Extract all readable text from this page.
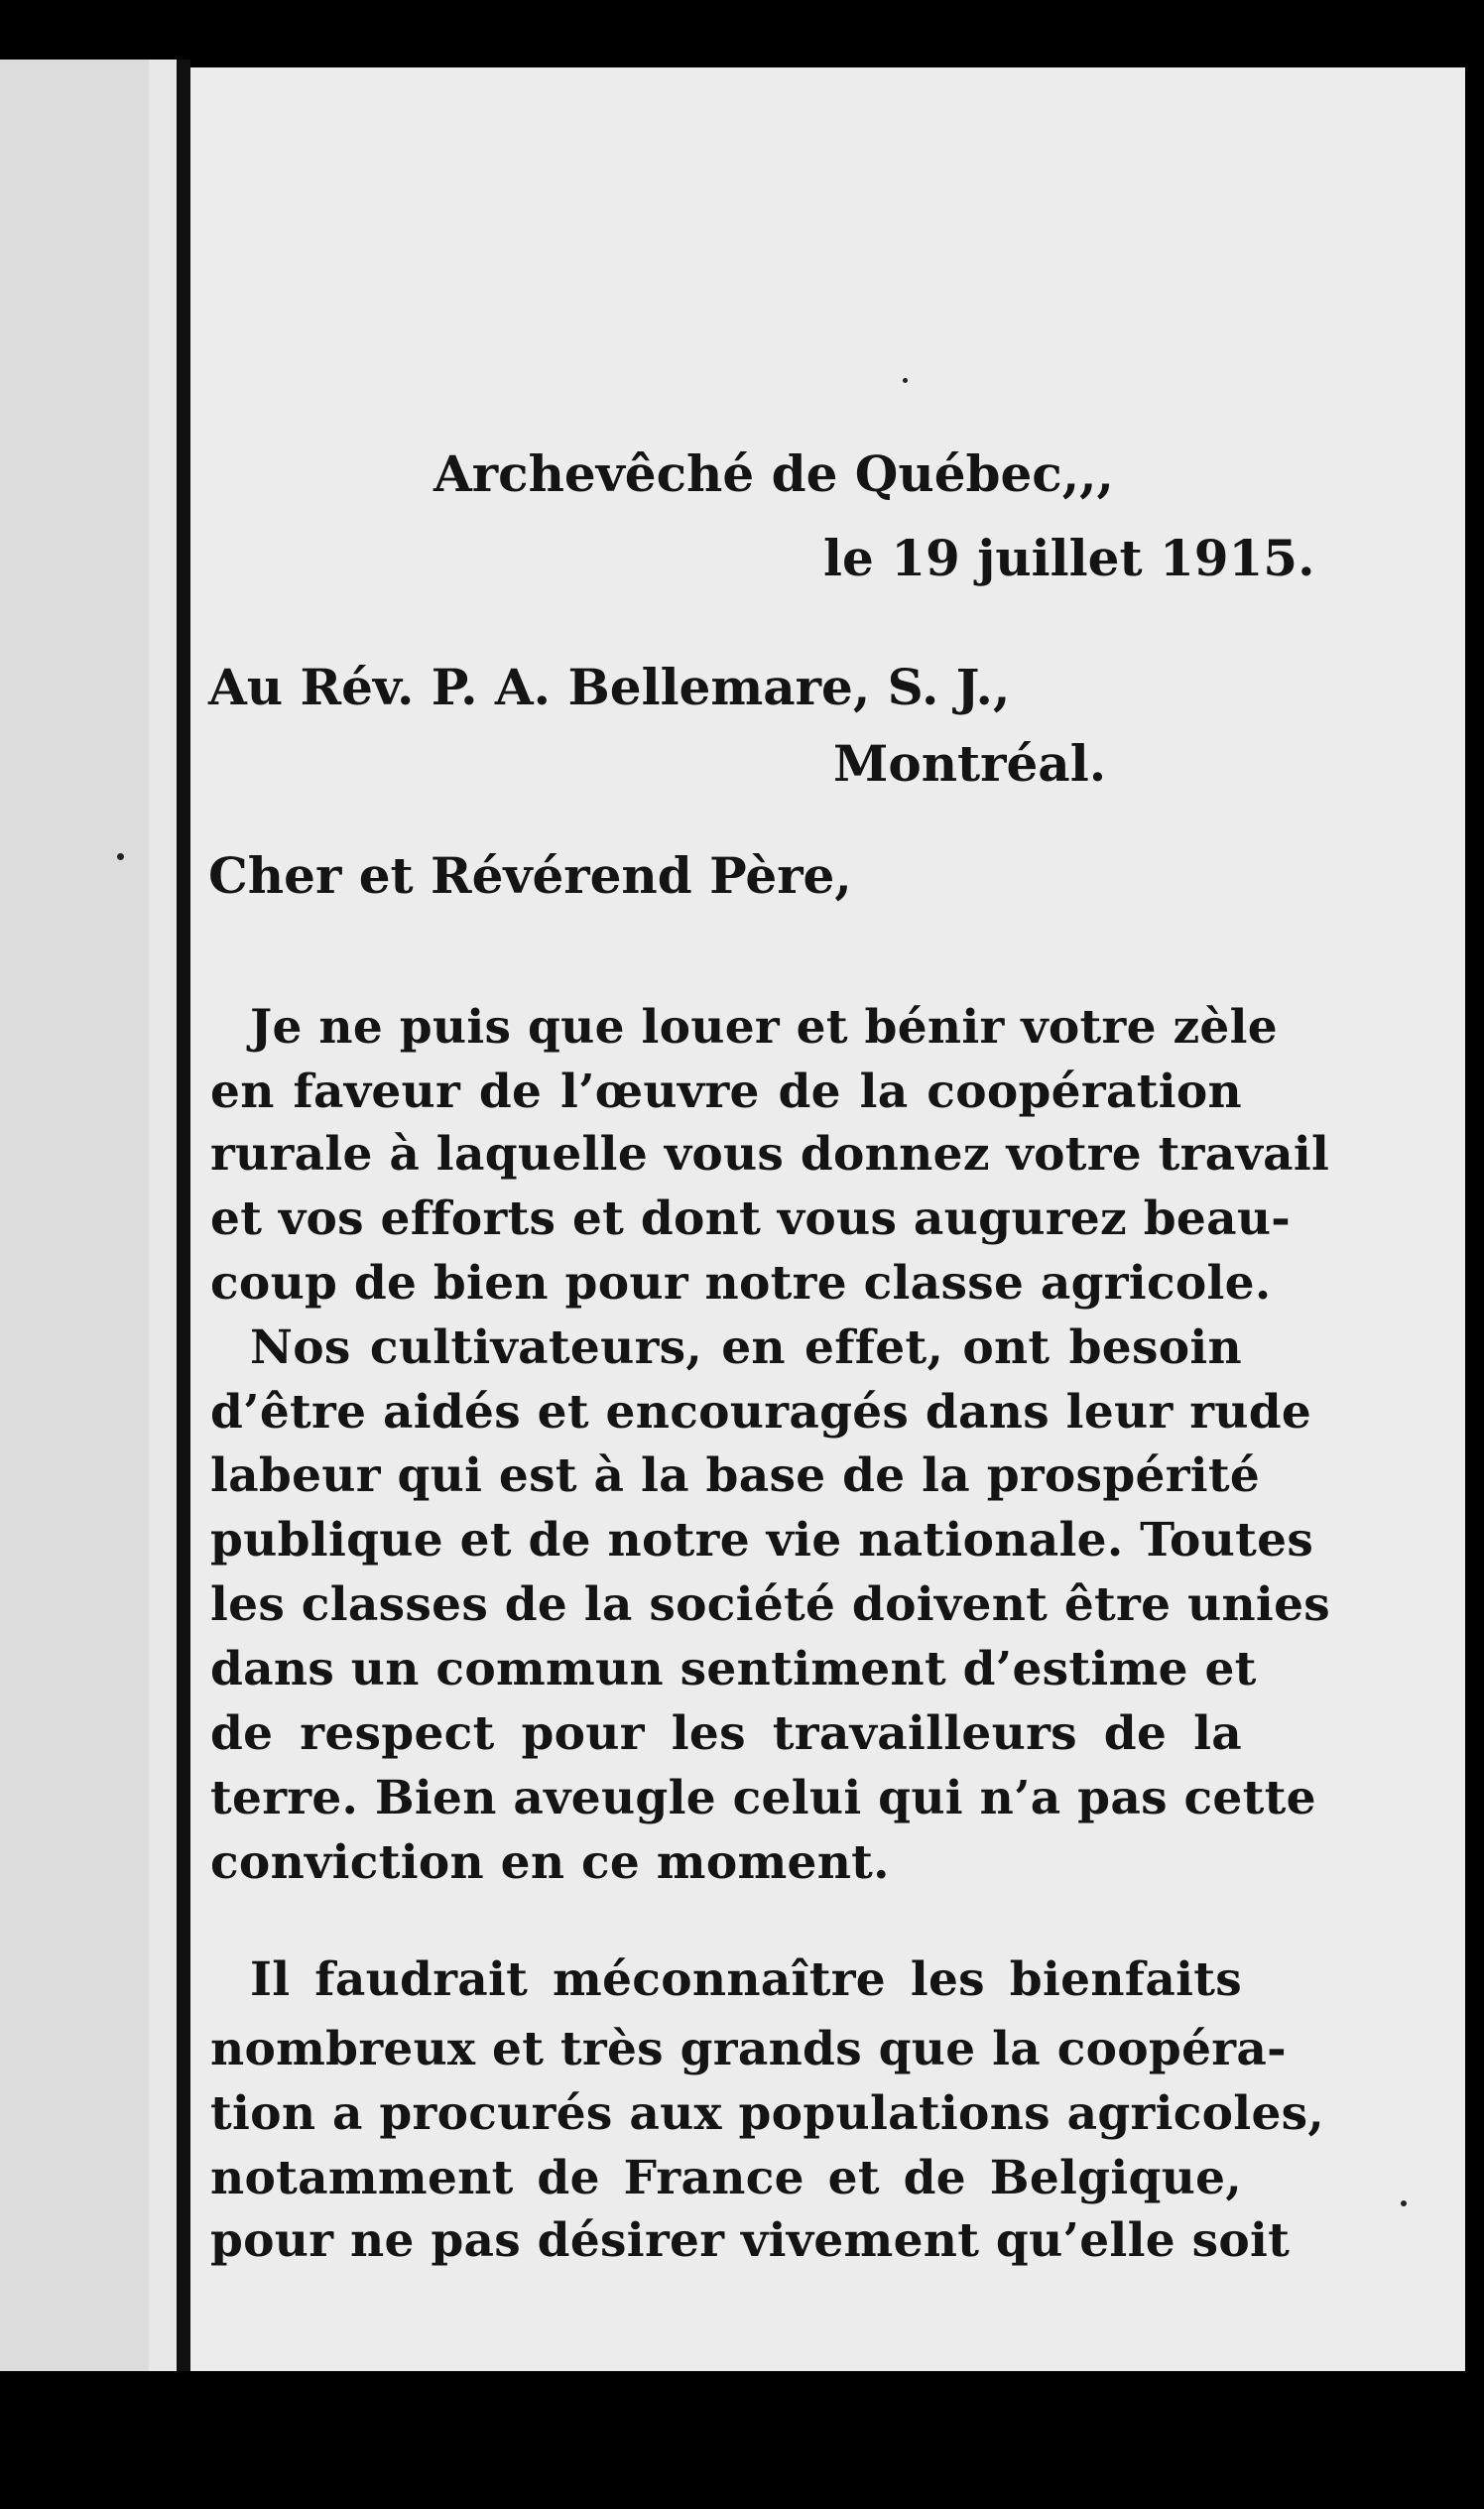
Archevêché de Québec,,,
le 19 juillet 1915.
Au Rév. P. A. Bellemare, S. J.,
Montréal.
Cher et Révérend Père,
Je ne puis que louer et bénir votre zèle
en faveur de l’œuvre de la coopération
rurale à laquelle vous donnez votre travail
et vos efforts et dont vous augurez beau-
coup de bien pour notre classe agricole.
Nos cultivateurs, en effet, ont besoin
d’être aidés et encouragés dans leur rude
labeur qui est à la base de la prospérité
publique et de notre vie nationale. Toutes
les classes de la société doivent être unies
dans un commun sentiment d’estime et
de respect pour les travailleurs de la
terre. Bien aveugle celui qui n’a pas cette
conviction en ce moment.
Il faudrait méconnaître les bienfaits
nombreux et très grands que la coopéra-
tion a procurés aux populations agricoles,
notamment de France et de Belgique,
pour ne pas désirer vivement qu’elle soit
